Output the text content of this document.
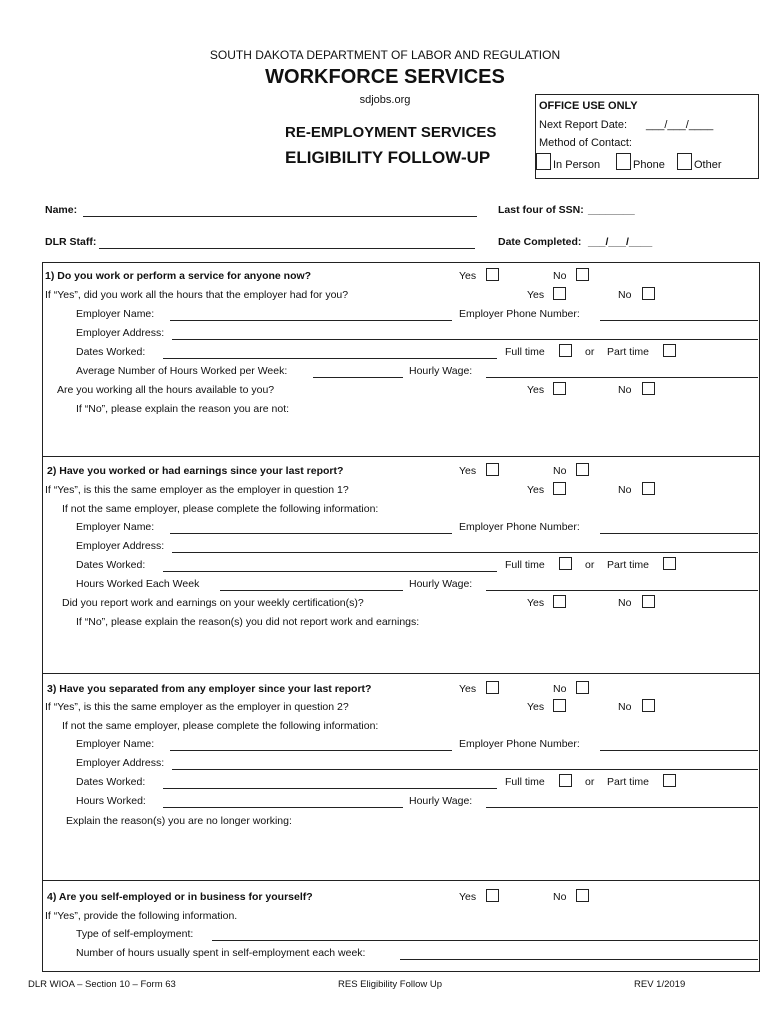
SOUTH DAKOTA DEPARTMENT OF LABOR AND REGULATION
WORKFORCE SERVICES
sdjobs.org
RE-EMPLOYMENT SERVICES
ELIGIBILITY FOLLOW-UP
OFFICE USE ONLY
Next Report Date: ___/___/____
Method of Contact:
In Person	Phone	Other
Name:	Last four of SSN: ________
DLR Staff:	Date Completed: ___/___/____
1) Do you work or perform a service for anyone now?	Yes	No
If “Yes”, did you work all the hours that the employer had for you?	Yes	No
Employer Name:	Employer Phone Number:
Employer Address:
Dates Worked:	Full time	or Part time
Average Number of Hours Worked per Week:	Hourly Wage:
Are you working all the hours available to you?	Yes	No
If “No”, please explain the reason you are not:
2) Have you worked or had earnings since your last report?	Yes	No
If “Yes”, is this the same employer as the employer in question 1?	Yes	No
If not the same employer, please complete the following information:
Employer Name:	Employer Phone Number:
Employer Address:
Dates Worked:	Full time	or Part time
Hours Worked Each Week	Hourly Wage:
Did you report work and earnings on your weekly certification(s)?	Yes	No
If “No”, please explain the reason(s) you did not report work and earnings:
3) Have you separated from any employer since your last report?	Yes	No
If “Yes”, is this the same employer as the employer in question 2?	Yes	No
If not the same employer, please complete the following information:
Employer Name:	Employer Phone Number:
Employer Address:
Dates Worked:	Full time	or Part time
Hours Worked:	Hourly Wage:
Explain the reason(s) you are no longer working:
4) Are you self-employed or in business for yourself?	Yes	No
If “Yes”, provide the following information.
Type of self-employment:
Number of hours usually spent in self-employment each week:
DLR WIOA – Section 10 – Form 63	RES Eligibility Follow Up	REV 1/2019
